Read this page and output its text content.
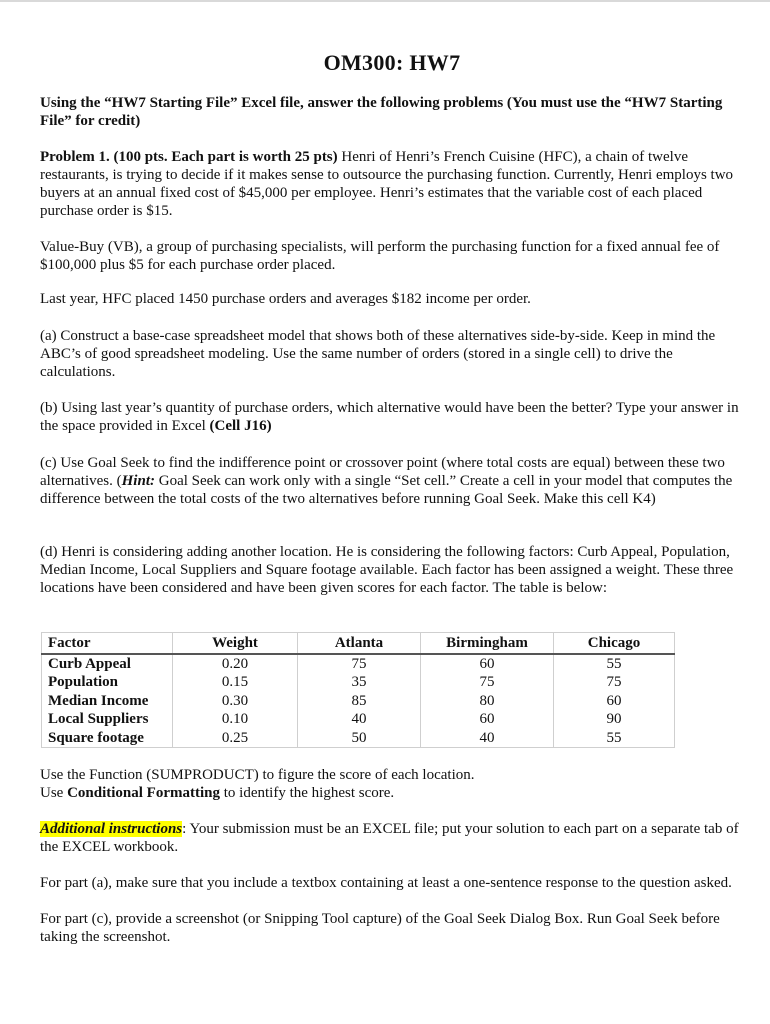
OM300: HW7

Using the “HW7 Starting File” Excel file, answer the following problems (You must use the “HW7 Starting File” for credit)

Problem 1. (100 pts. Each part is worth 25 pts) Henri of Henri’s French Cuisine (HFC), a chain of twelve restaurants, is trying to decide if it makes sense to outsource the purchasing function. Currently, Henri employs two buyers at an annual fixed cost of $45,000 per employee. Henri’s estimates that the variable cost of each placed purchase order is $15.

Value-Buy (VB), a group of purchasing specialists, will perform the purchasing function for a fixed annual fee of $100,000 plus $5 for each purchase order placed.

Last year, HFC placed 1450 purchase orders and averages $182 income per order.

(a) Construct a base-case spreadsheet model that shows both of these alternatives side-by-side. Keep in mind the ABC’s of good spreadsheet modeling. Use the same number of orders (stored in a single cell) to drive the calculations.

(b) Using last year’s quantity of purchase orders, which alternative would have been the better? Type your answer in the space provided in Excel (Cell J16)

(c) Use Goal Seek to find the indifference point or crossover point (where total costs are equal) between these two alternatives. (Hint: Goal Seek can work only with a single “Set cell.” Create a cell in your model that computes the difference between the total costs of the two alternatives before running Goal Seek. Make this cell K4)

(d) Henri is considering adding another location. He is considering the following factors: Curb Appeal, Population, Median Income, Local Suppliers and Square footage available. Each factor has been assigned a weight. These three locations have been considered and have been given scores for each factor. The table is below:

Factor	Weight	Atlanta	Birmingham	Chicago
Curb Appeal	0.20	75	60	55
Population	0.15	35	75	75
Median Income	0.30	85	80	60
Local Suppliers	0.10	40	60	90
Square footage	0.25	50	40	55

Use the Function (SUMPRODUCT) to figure the score of each location.

Use Conditional Formatting to identify the highest score.

Additional instructions: Your submission must be an EXCEL file; put your solution to each part on a separate tab of the EXCEL workbook.

For part (a), make sure that you include a textbox containing at least a one-sentence response to the question asked.

For part (c), provide a screenshot (or Snipping Tool capture) of the Goal Seek Dialog Box. Run Goal Seek before taking the screenshot.
